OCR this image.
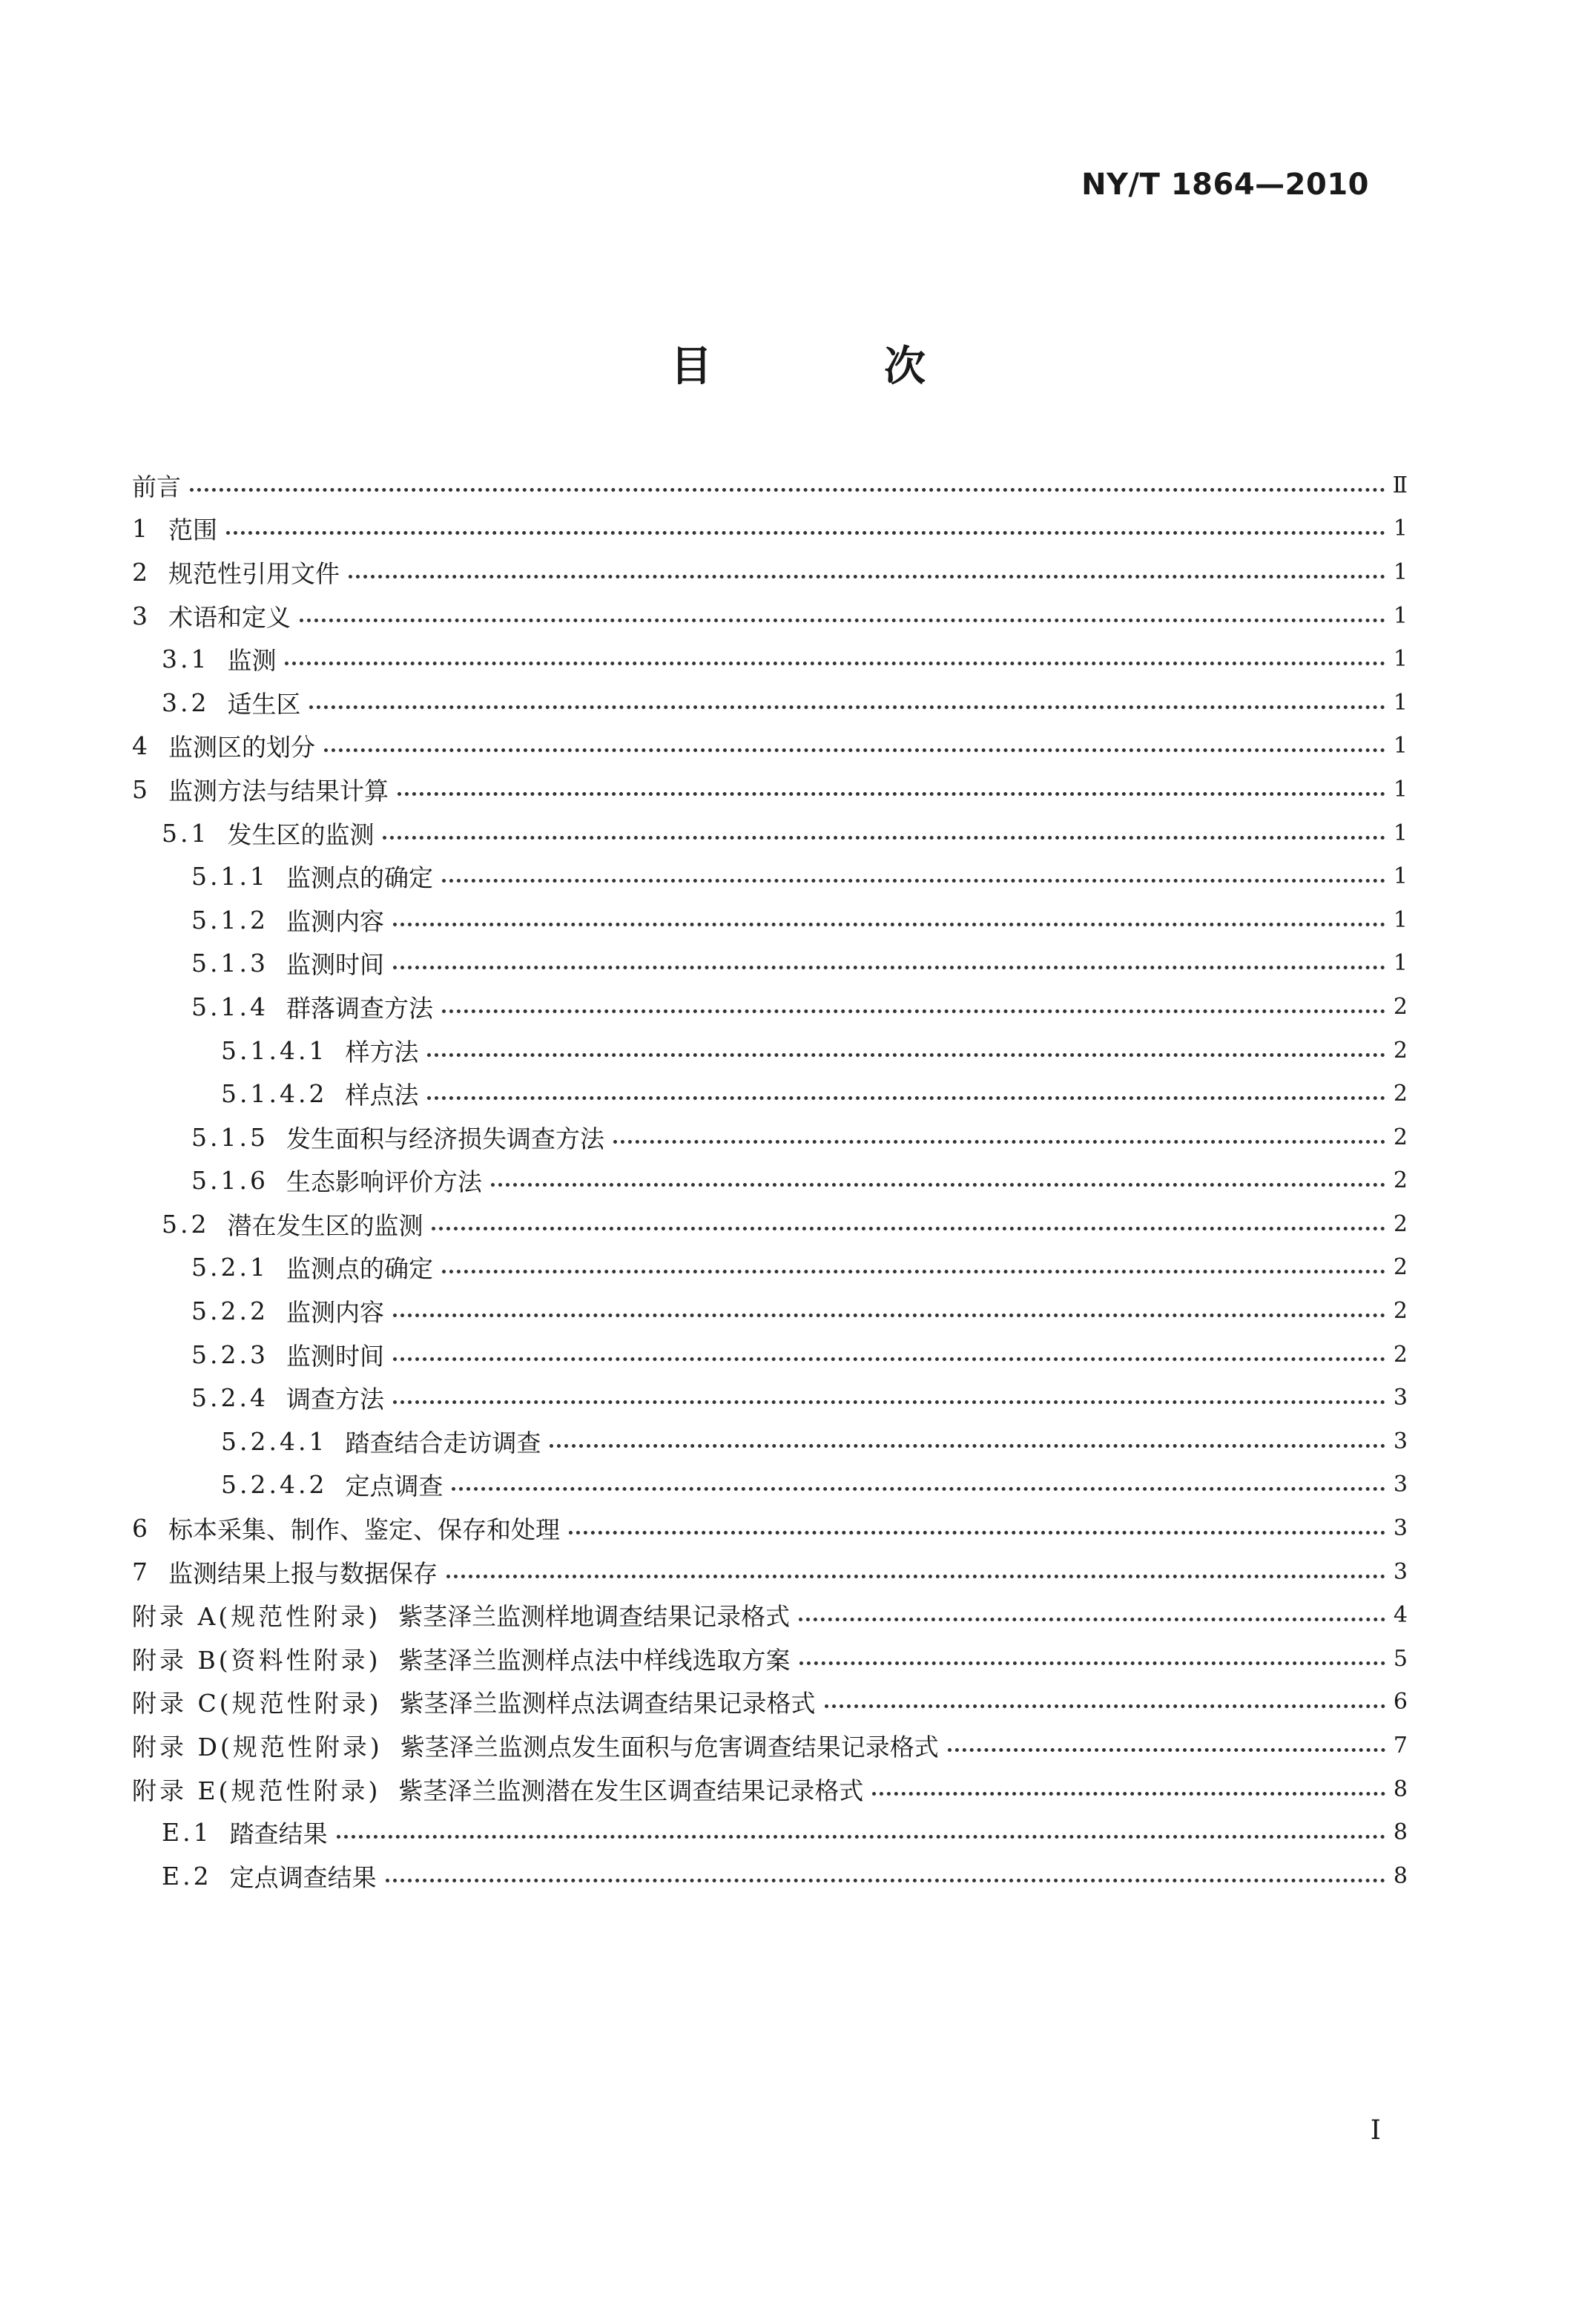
NY/T 1864—2010
目　次
前言	Ⅱ
1 范围	1
2 规范性引用文件	1
3 术语和定义	1
3.1 监测	1
3.2 适生区	1
4 监测区的划分	1
5 监测方法与结果计算	1
5.1 发生区的监测	1
5.1.1 监测点的确定	1
5.1.2 监测内容	1
5.1.3 监测时间	1
5.1.4 群落调查方法	2
5.1.4.1 样方法	2
5.1.4.2 样点法	2
5.1.5 发生面积与经济损失调查方法	2
5.1.6 生态影响评价方法	2
5.2 潜在发生区的监测	2
5.2.1 监测点的确定	2
5.2.2 监测内容	2
5.2.3 监测时间	2
5.2.4 调查方法	3
5.2.4.1 踏查结合走访调查	3
5.2.4.2 定点调查	3
6 标本采集、制作、鉴定、保存和处理	3
7 监测结果上报与数据保存	3
附录 A(规范性附录) 紫茎泽兰监测样地调查结果记录格式	4
附录 B(资料性附录) 紫茎泽兰监测样点法中样线选取方案	5
附录 C(规范性附录) 紫茎泽兰监测样点法调查结果记录格式	6
附录 D(规范性附录) 紫茎泽兰监测点发生面积与危害调查结果记录格式	7
附录 E(规范性附录) 紫茎泽兰监测潜在发生区调查结果记录格式	8
E.1 踏查结果	8
E.2 定点调查结果	8
I
